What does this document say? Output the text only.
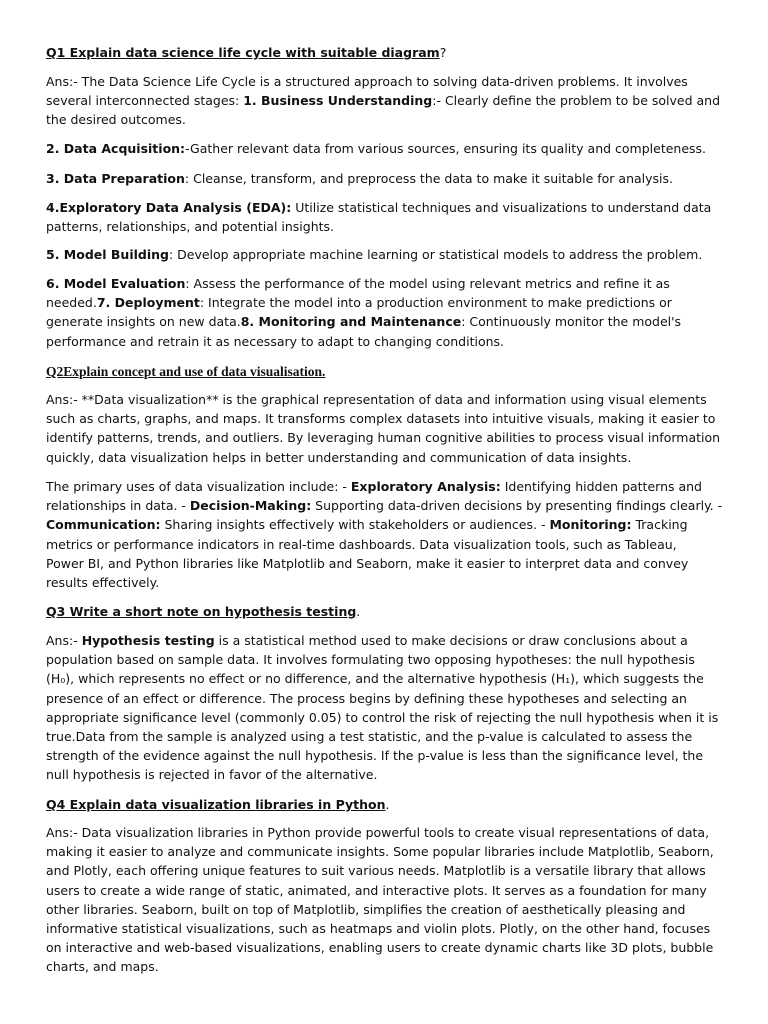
Q1 Explain data science life cycle with suitable diagram?

Ans:- The Data Science Life Cycle is a structured approach to solving data-driven problems. It involves
several interconnected stages: 1. Business Understanding:- Clearly define the problem to be solved and
the desired outcomes.

2. Data Acquisition:-Gather relevant data from various sources, ensuring its quality and completeness.

3. Data Preparation: Cleanse, transform, and preprocess the data to make it suitable for analysis.

4.Exploratory Data Analysis (EDA): Utilize statistical techniques and visualizations to understand data
patterns, relationships, and potential insights.

5. Model Building: Develop appropriate machine learning or statistical models to address the problem.

6. Model Evaluation: Assess the performance of the model using relevant metrics and refine it as
needed.7. Deployment: Integrate the model into a production environment to make predictions or
generate insights on new data.8. Monitoring and Maintenance: Continuously monitor the model's
performance and retrain it as necessary to adapt to changing conditions.

Q2Explain concept and use of data visualisation.

Ans:- **Data visualization** is the graphical representation of data and information using visual elements
such as charts, graphs, and maps. It transforms complex datasets into intuitive visuals, making it easier to
identify patterns, trends, and outliers. By leveraging human cognitive abilities to process visual information
quickly, data visualization helps in better understanding and communication of data insights.

The primary uses of data visualization include: - Exploratory Analysis: Identifying hidden patterns and
relationships in data. - Decision-Making: Supporting data-driven decisions by presenting findings clearly. -
Communication: Sharing insights effectively with stakeholders or audiences. - Monitoring: Tracking
metrics or performance indicators in real-time dashboards. Data visualization tools, such as Tableau,
Power BI, and Python libraries like Matplotlib and Seaborn, make it easier to interpret data and convey
results effectively.

Q3 Write a short note on hypothesis testing.

Ans:- Hypothesis testing is a statistical method used to make decisions or draw conclusions about a
population based on sample data. It involves formulating two opposing hypotheses: the null hypothesis
(H₀), which represents no effect or no difference, and the alternative hypothesis (H₁), which suggests the
presence of an effect or difference. The process begins by defining these hypotheses and selecting an
appropriate significance level (commonly 0.05) to control the risk of rejecting the null hypothesis when it is
true.Data from the sample is analyzed using a test statistic, and the p-value is calculated to assess the
strength of the evidence against the null hypothesis. If the p-value is less than the significance level, the
null hypothesis is rejected in favor of the alternative.

Q4 Explain data visualization libraries in Python.

Ans:- Data visualization libraries in Python provide powerful tools to create visual representations of data,
making it easier to analyze and communicate insights. Some popular libraries include Matplotlib, Seaborn,
and Plotly, each offering unique features to suit various needs. Matplotlib is a versatile library that allows
users to create a wide range of static, animated, and interactive plots. It serves as a foundation for many
other libraries. Seaborn, built on top of Matplotlib, simplifies the creation of aesthetically pleasing and
informative statistical visualizations, such as heatmaps and violin plots. Plotly, on the other hand, focuses
on interactive and web-based visualizations, enabling users to create dynamic charts like 3D plots, bubble
charts, and maps.
